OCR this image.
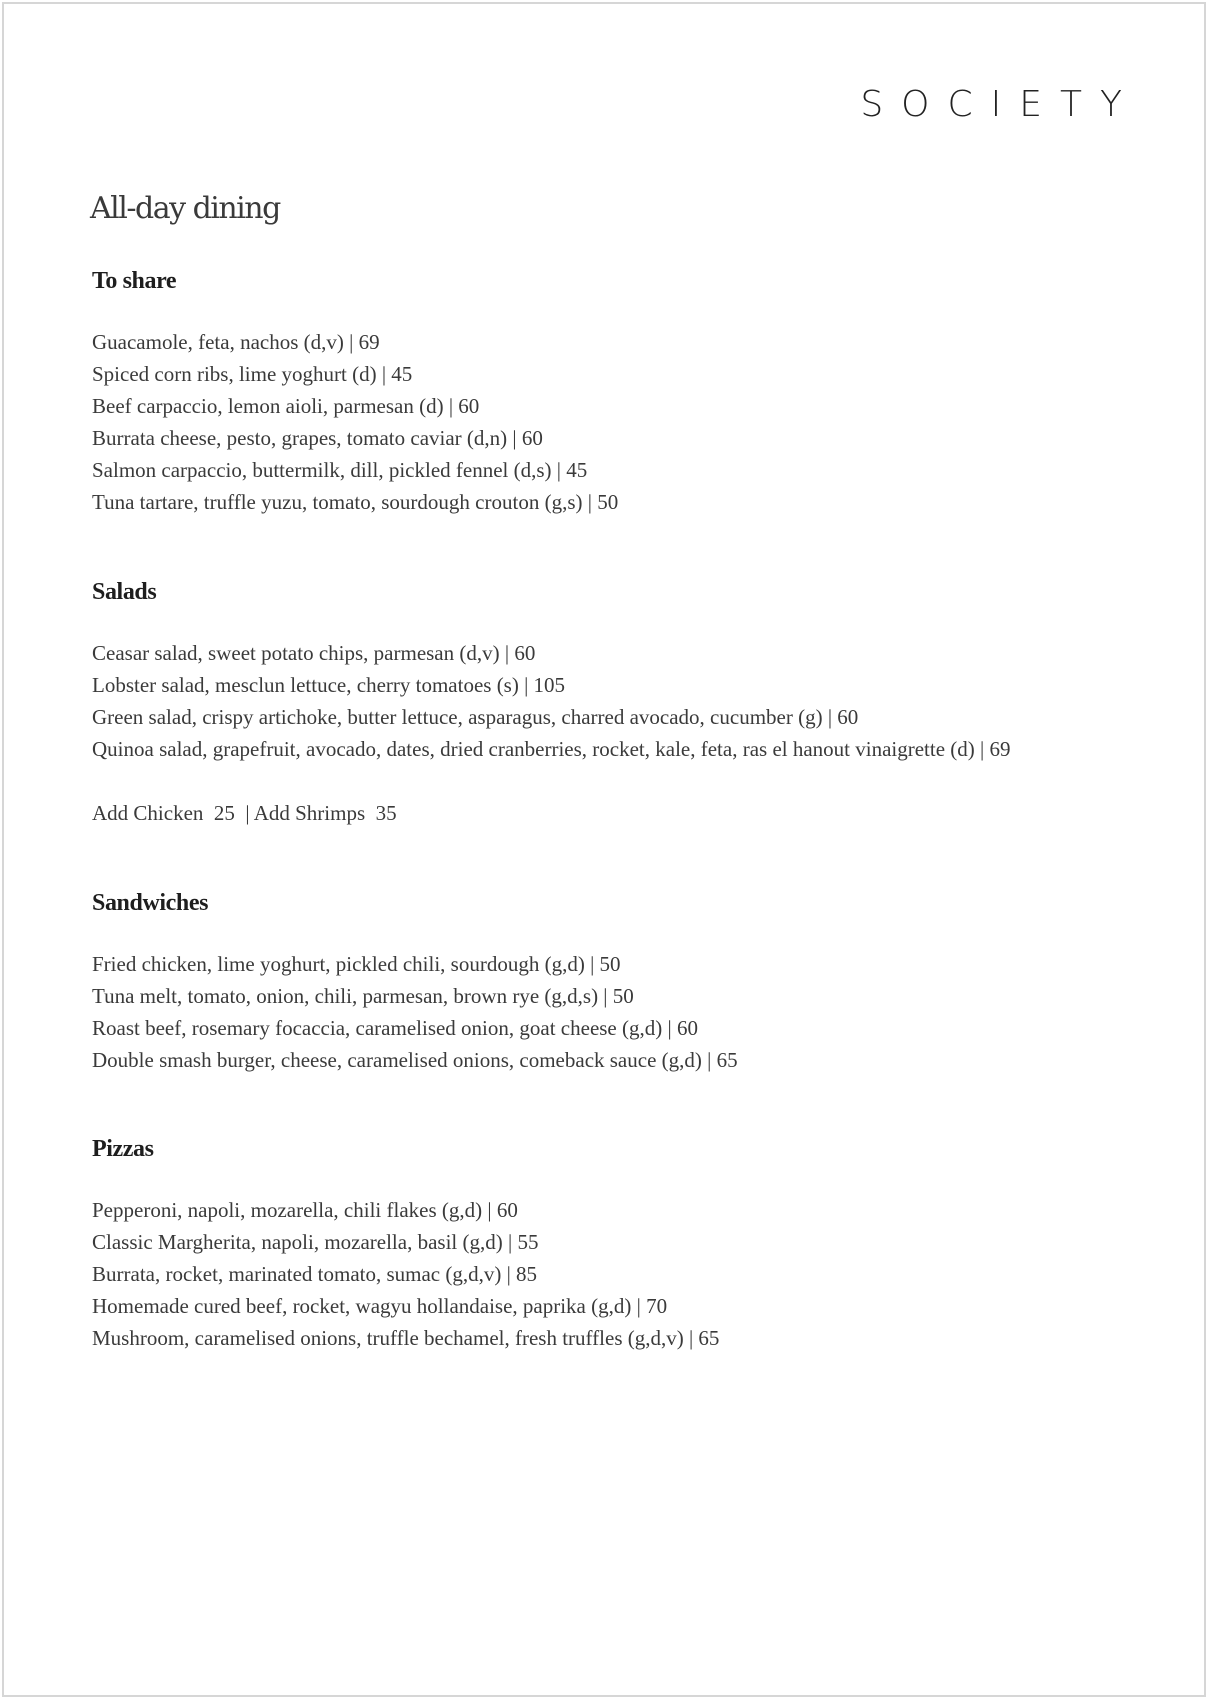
SOCIETY
All-day dining
To share

Guacamole, feta, nachos (d,v) | 69

Spiced corn ribs, lime yoghurt (d) | 45

Beef carpaccio, lemon aioli, parmesan (d) | 60

Burrata cheese, pesto, grapes, tomato caviar (d,n) | 60

Salmon carpaccio, buttermilk, dill, pickled fennel (d,s) | 45

Tuna tartare, truffle yuzu, tomato, sourdough crouton (g,s) | 50

Salads

Ceasar salad, sweet potato chips, parmesan (d,v) | 60

Lobster salad, mesclun lettuce, cherry tomatoes (s) | 105

Green salad, crispy artichoke, butter lettuce, asparagus, charred avocado, cucumber (g) | 60

Quinoa salad, grapefruit, avocado, dates, dried cranberries, rocket, kale, feta, ras el hanout vinaigrette (d) | 69

Add Chicken  25  | Add Shrimps  35

Sandwiches

Fried chicken, lime yoghurt, pickled chili, sourdough (g,d) | 50

Tuna melt, tomato, onion, chili, parmesan, brown rye (g,d,s) | 50

Roast beef, rosemary focaccia, caramelised onion, goat cheese (g,d) | 60

Double smash burger, cheese, caramelised onions, comeback sauce (g,d) | 65

Pizzas

Pepperoni, napoli, mozarella, chili flakes (g,d) | 60

Classic Margherita, napoli, mozarella, basil (g,d) | 55

Burrata, rocket, marinated tomato, sumac (g,d,v) | 85

Homemade cured beef, rocket, wagyu hollandaise, paprika (g,d) | 70

Mushroom, caramelised onions, truffle bechamel, fresh truffles (g,d,v) | 65
